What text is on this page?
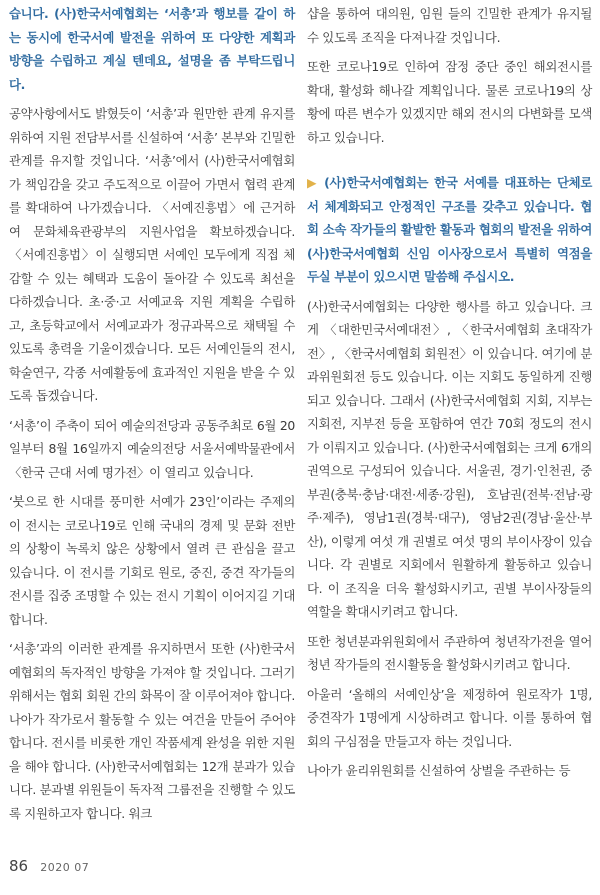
습니다. (사)한국서예협회는 ‘서총’과 행보를 같이 하는 동시에 한국서예 발전을 위하여 또 다양한 계획과 방향을 수립하고 계실 텐데요, 설명을 좀 부탁드립니다.

공약사항에서도 밝혔듯이 ‘서총’과 원만한 관계 유지를 위하여 지원 전담부서를 신설하여 ‘서총’ 본부와 긴밀한 관계를 유지할 것입니다. ‘서총’에서 (사)한국서예협회가 책임감을 갖고 주도적으로 이끌어 가면서 협력 관계를 확대하여 나가겠습니다. 〈서예진흥법〉에 근거하여 문화체육관광부의 지원사업을 확보하겠습니다. 〈서예진흥법〉이 실행되면 서예인 모두에게 직접 체감할 수 있는 혜택과 도움이 돌아갈 수 있도록 최선을 다하겠습니다. 초·중·고 서예교육 지원 계획을 수립하고, 초등학교에서 서예교과가 정규과목으로 채택될 수 있도록 총력을 기울이겠습니다. 모든 서예인들의 전시, 학술연구, 각종 서예활동에 효과적인 지원을 받을 수 있도록 돕겠습니다.

‘서총’이 주축이 되어 예술의전당과 공동주최로 6월 20일부터 8월 16일까지 예술의전당 서울서예박물관에서 〈한국 근대 서예 명가전〉이 열리고 있습니다.

‘붓으로 한 시대를 풍미한 서예가 23인’이라는 주제의 이 전시는 코로나19로 인해 국내의 경제 및 문화 전반의 상황이 녹록치 않은 상황에서 열려 큰 관심을 끌고 있습니다. 이 전시를 기회로 원로, 중진, 중견 작가들의 전시를 집중 조명할 수 있는 전시 기획이 이어지길 기대합니다.

‘서총’과의 이러한 관계를 유지하면서 또한 (사)한국서예협회의 독자적인 방향을 가져야 할 것입니다. 그러기 위해서는 협회 회원 간의 화목이 잘 이루어져야 합니다. 나아가 작가로서 활동할 수 있는 여건을 만들어 주어야 합니다. 전시를 비롯한 개인 작품세계 완성을 위한 지원을 해야 합니다. (사)한국서예협회는 12개 분과가 있습니다. 분과별 위원들이 독자적 그룹전을 진행할 수 있도록 지원하고자 합니다. 워크

샵을 통하여 대의원, 임원 들의 긴밀한 관계가 유지될 수 있도록 조직을 다져나갈 것입니다.

또한 코로나19로 인하여 잠정 중단 중인 해외전시를 확대, 활성화 해나갈 계획입니다. 물론 코로나19의 상황에 따른 변수가 있겠지만 해외 전시의 다변화를 모색하고 있습니다.

▶ (사)한국서예협회는 한국 서예를 대표하는 단체로서 체계화되고 안정적인 구조를 갖추고 있습니다. 협회 소속 작가들의 활발한 활동과 협회의 발전을 위하여 (사)한국서예협회 신임 이사장으로서 특별히 역점을 두실 부분이 있으시면 말씀해 주십시오.

(사)한국서예협회는 다양한 행사를 하고 있습니다. 크게 〈대한민국서예대전〉, 〈한국서예협회 초대작가전〉, 〈한국서예협회 회원전〉이 있습니다. 여기에 분과위원회전 등도 있습니다. 이는 지회도 동일하게 진행되고 있습니다. 그래서 (사)한국서예협회 지회, 지부는 지회전, 지부전 등을 포함하여 연간 70회 정도의 전시가 이뤄지고 있습니다. (사)한국서예협회는 크게 6개의 권역으로 구성되어 있습니다. 서울권, 경기·인천권, 중부권(충북·충남·대전·세종·강원), 호남권(전북·전남·광주·제주), 영남1권(경북·대구), 영남2권(경남·울산·부산), 이렇게 여섯 개 권별로 여섯 명의 부이사장이 있습니다. 각 권별로 지회에서 원활하게 활동하고 있습니다. 이 조직을 더욱 활성화시키고, 권별 부이사장들의 역할을 확대시키려고 합니다.

또한 청년분과위원회에서 주관하여 청년작가전을 열어 청년 작가들의 전시활동을 활성화시키려고 합니다.

아울러 ‘올해의 서예인상’을 제정하여 원로작가 1명, 중견작가 1명에게 시상하려고 합니다. 이를 통하여 협회의 구심점을 만들고자 하는 것입니다.

나아가 윤리위원회를 신설하여 상벌을 주관하는 등

86 2020 07
